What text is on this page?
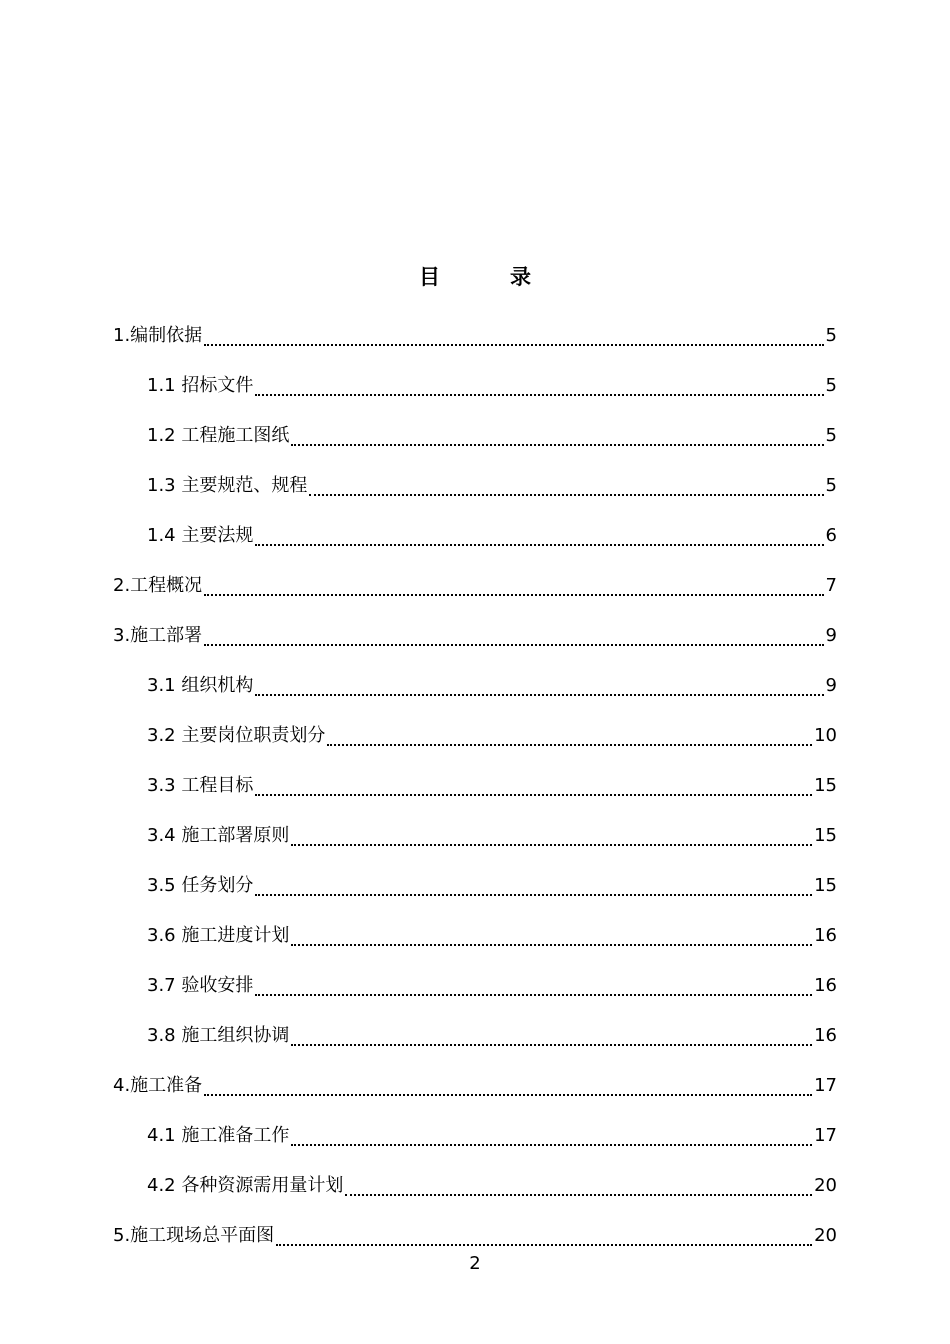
目	录
1.编制依据	5
1.1 招标文件	5
1.2 工程施工图纸	5
1.3 主要规范、规程	5
1.4 主要法规	6
2.工程概况	7
3.施工部署	9
3.1 组织机构	9
3.2 主要岗位职责划分	10
3.3 工程目标	15
3.4 施工部署原则	15
3.5 任务划分	15
3.6 施工进度计划	16
3.7 验收安排	16
3.8 施工组织协调	16
4.施工准备	17
4.1 施工准备工作	17
4.2 各种资源需用量计划	20
5.施工现场总平面图	20
2
